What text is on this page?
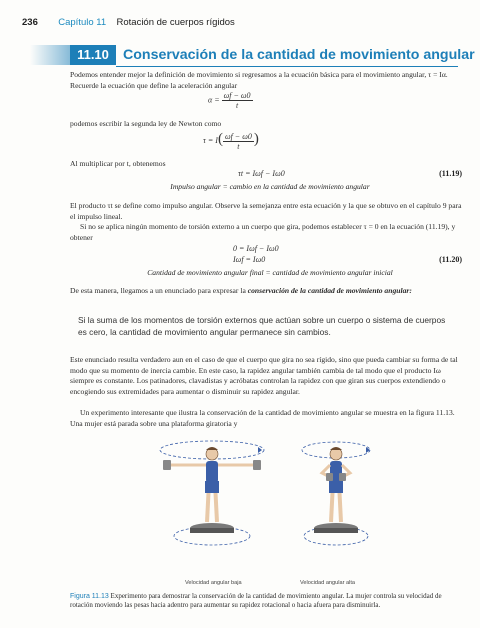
236 Capítulo 11 Rotación de cuerpos rígidos
11.10 Conservación de la cantidad de movimiento angular
Podemos entender mejor la definición de movimiento si regresamos a la ecuación básica para el movimiento angular, τ = Iα. Recuerde la ecuación que define la aceleración angular
$\alpha = \frac{\omega f - \omega 0}{t}$
podemos escribir la segunda ley de Newton como
$\tau = I( \frac{\omega f - \omega 0}{t}$ )
Al multiplicar por t, obtenemos
τt = Iωf − Iω0	(11.19)
Impulso angular = cambio en la cantidad de movimiento angular
El producto τt se define como impulso angular. Observe la semejanza entre esta ecuación y la que se obtuvo en el capítulo 9 para el impulso lineal.
Si no se aplica ningún momento de torsión externo a un cuerpo que gira, podemos establecer τ = 0 en la ecuación (11.19), y obtener
0 = Iωf − Iω0
Iωf = Iω0	(11.20)
Cantidad de movimiento angular final = cantidad de movimiento angular inicial
De esta manera, llegamos a un enunciado para expresar la conservación de la cantidad de movimiento angular:
Si la suma de los momentos de torsión externos que actúan sobre un cuerpo o sistema de cuerpos es cero, la cantidad de movimiento angular permanece sin cambios.
Este enunciado resulta verdadero aun en el caso de que el cuerpo que gira no sea rígido, sino que pueda cambiar su forma de tal modo que su momento de inercia cambie. En este caso, la rapidez angular también cambia de tal modo que el producto Iω siempre es constante. Los patinadores, clavadistas y acróbatas controlan la rapidez con que giran sus cuerpos extendiendo o encogiendo sus extremidades para aumentar o disminuir su rapidez angular.
Un experimento interesante que ilustra la conservación de la cantidad de movimiento angular se muestra en la figura 11.13. Una mujer está parada sobre una plataforma giratoria y
Velocidad angular baja	Velocidad angular alta
Figura 11.13 Experimento para demostrar la conservación de la cantidad de movimiento angular. La mujer controla su velocidad de rotación moviendo las pesas hacia adentro para aumentar su rapidez rotacional o hacia afuera para disminuirla.
